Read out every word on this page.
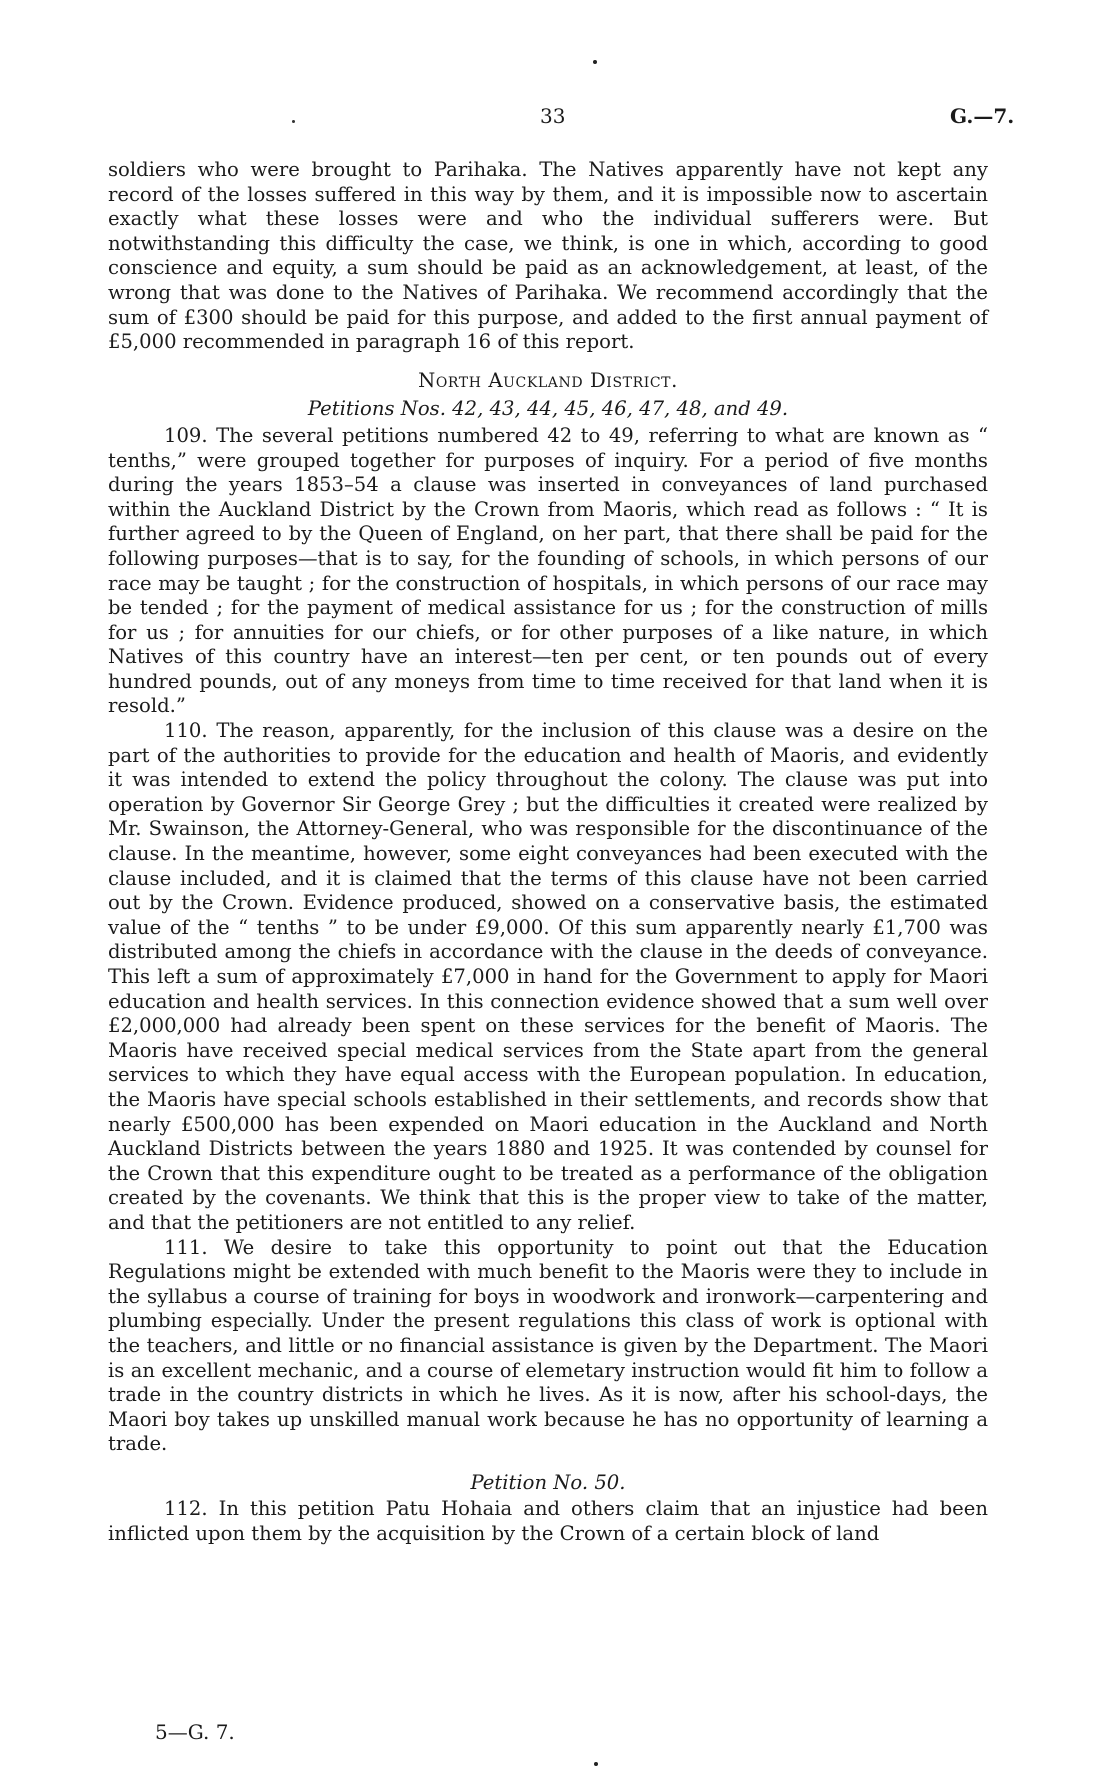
33	G.—7.

soldiers who were brought to Parihaka. The Natives apparently have not kept any record of the losses suffered in this way by them, and it is impossible now to ascertain exactly what these losses were and who the individual sufferers were. But notwithstanding this difficulty the case, we think, is one in which, according to good conscience and equity, a sum should be paid as an acknowledgement, at least, of the wrong that was done to the Natives of Parihaka. We recommend accordingly that the sum of £300 should be paid for this purpose, and added to the first annual payment of £5,000 recommended in paragraph 16 of this report.

North Auckland District.

Petitions Nos. 42, 43, 44, 45, 46, 47, 48, and 49.

109. The several petitions numbered 42 to 49, referring to what are known as “ tenths,” were grouped together for purposes of inquiry. For a period of five months during the years 1853–54 a clause was inserted in conveyances of land purchased within the Auckland District by the Crown from Maoris, which read as follows : “ It is further agreed to by the Queen of England, on her part, that there shall be paid for the following purposes—that is to say, for the founding of schools, in which persons of our race may be taught ; for the construction of hospitals, in which persons of our race may be tended ; for the payment of medical assistance for us ; for the construction of mills for us ; for annuities for our chiefs, or for other purposes of a like nature, in which Natives of this country have an interest—ten per cent, or ten pounds out of every hundred pounds, out of any moneys from time to time received for that land when it is resold.”

110. The reason, apparently, for the inclusion of this clause was a desire on the part of the authorities to provide for the education and health of Maoris, and evidently it was intended to extend the policy throughout the colony. The clause was put into operation by Governor Sir George Grey ; but the difficulties it created were realized by Mr. Swainson, the Attorney-General, who was responsible for the discontinuance of the clause. In the meantime, however, some eight conveyances had been executed with the clause included, and it is claimed that the terms of this clause have not been carried out by the Crown. Evidence produced, showed on a conservative basis, the estimated value of the “ tenths ” to be under £9,000. Of this sum apparently nearly £1,700 was distributed among the chiefs in accordance with the clause in the deeds of conveyance. This left a sum of approximately £7,000 in hand for the Government to apply for Maori education and health services. In this connection evidence showed that a sum well over £2,000,000 had already been spent on these services for the benefit of Maoris. The Maoris have received special medical services from the State apart from the general services to which they have equal access with the European population. In education, the Maoris have special schools established in their settlements, and records show that nearly £500,000 has been expended on Maori education in the Auckland and North Auckland Districts between the years 1880 and 1925. It was contended by counsel for the Crown that this expenditure ought to be treated as a performance of the obligation created by the covenants. We think that this is the proper view to take of the matter, and that the petitioners are not entitled to any relief.

111. We desire to take this opportunity to point out that the Education Regulations might be extended with much benefit to the Maoris were they to include in the syllabus a course of training for boys in woodwork and ironwork—carpentering and plumbing especially. Under the present regulations this class of work is optional with the teachers, and little or no financial assistance is given by the Department. The Maori is an excellent mechanic, and a course of elemetary instruction would fit him to follow a trade in the country districts in which he lives. As it is now, after his school-days, the Maori boy takes up unskilled manual work because he has no opportunity of learning a trade.

Petition No. 50.

112. In this petition Patu Hohaia and others claim that an injustice had been inflicted upon them by the acquisition by the Crown of a certain block of land

5—G. 7.
